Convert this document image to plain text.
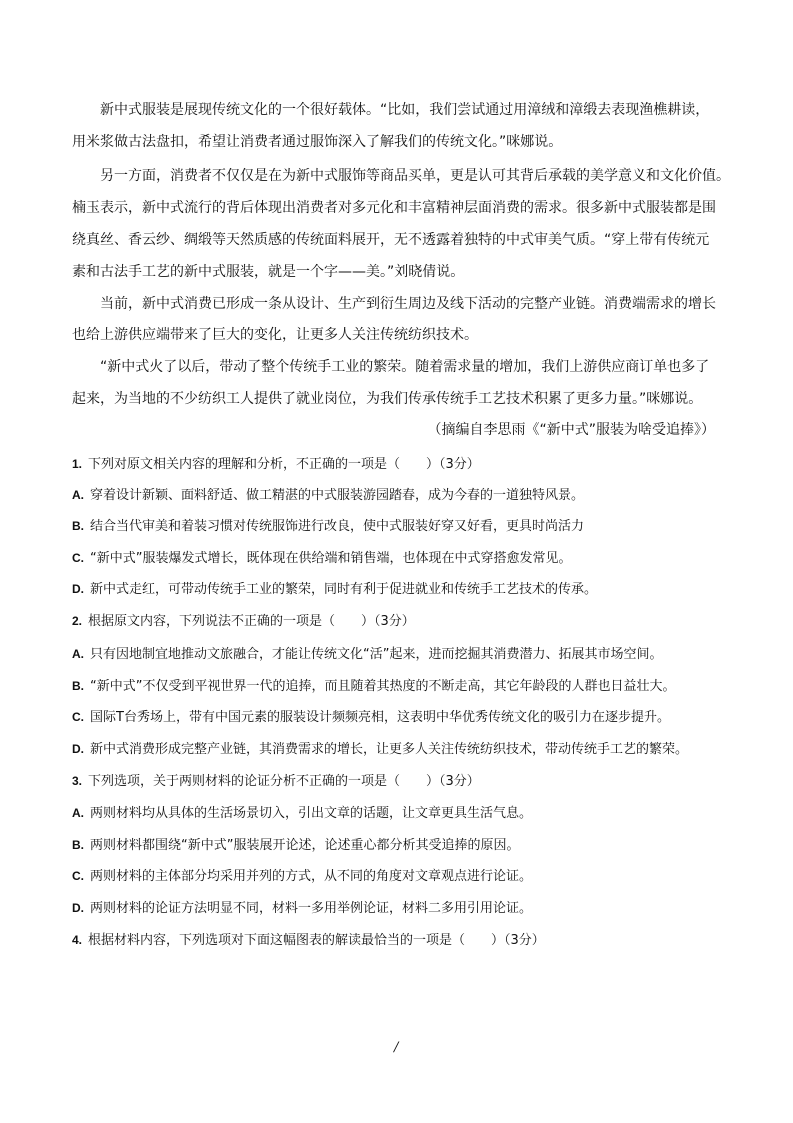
新中式服装是展现传统文化的一个很好载体。“比如，我们尝试通过用漳绒和漳缎去表现渔樵耕读，
用米浆做古法盘扣，希望让消费者通过服饰深入了解我们的传统文化。”咪娜说。
另一方面，消费者不仅仅是在为新中式服饰等商品买单，更是认可其背后承载的美学意义和文化价值。
楠玉表示，新中式流行的背后体现出消费者对多元化和丰富精神层面消费的需求。很多新中式服装都是围
绕真丝、香云纱、绸缎等天然质感的传统面料展开，无不透露着独特的中式审美气质。“穿上带有传统元
素和古法手工艺的新中式服装，就是一个字——美。”刘晓倩说。
当前，新中式消费已形成一条从设计、生产到衍生周边及线下活动的完整产业链。消费端需求的增长
也给上游供应端带来了巨大的变化，让更多人关注传统纺织技术。
“新中式火了以后，带动了整个传统手工业的繁荣。随着需求量的增加，我们上游供应商订单也多了
起来，为当地的不少纺织工人提供了就业岗位，为我们传承传统手工艺技术积累了更多力量。”咪娜说。
（摘编自李思雨《“新中式”服装为啥受追捧》）
1. 下列对原文相关内容的理解和分析，不正确的一项是（　　）（3分）
A. 穿着设计新颖、面料舒适、做工精湛的中式服装游园踏春，成为今春的一道独特风景。
B. 结合当代审美和着装习惯对传统服饰进行改良，使中式服装好穿又好看，更具时尚活力
C. “新中式”服装爆发式增长，既体现在供给端和销售端，也体现在中式穿搭愈发常见。
D. 新中式走红，可带动传统手工业的繁荣，同时有利于促进就业和传统手工艺技术的传承。
2. 根据原文内容，下列说法不正确的一项是（　　）（3分）
A. 只有因地制宜地推动文旅融合，才能让传统文化“活”起来，进而挖掘其消费潜力、拓展其市场空间。
B. “新中式”不仅受到平视世界一代的追捧，而且随着其热度的不断走高，其它年龄段的人群也日益壮大。
C. 国际T台秀场上，带有中国元素的服装设计频频亮相，这表明中华优秀传统文化的吸引力在逐步提升。
D. 新中式消费形成完整产业链，其消费需求的增长，让更多人关注传统纺织技术，带动传统手工艺的繁荣。
3. 下列选项，关于两则材料的论证分析不正确的一项是（　　）（3分）
A. 两则材料均从具体的生活场景切入，引出文章的话题，让文章更具生活气息。
B. 两则材料都围绕“新中式”服装展开论述，论述重心都分析其受追捧的原因。
C. 两则材料的主体部分均采用并列的方式，从不同的角度对文章观点进行论证。
D. 两则材料的论证方法明显不同，材料一多用举例论证，材料二多用引用论证。
4. 根据材料内容，下列选项对下面这幅图表的解读最恰当的一项是（　　）（3分）
/
